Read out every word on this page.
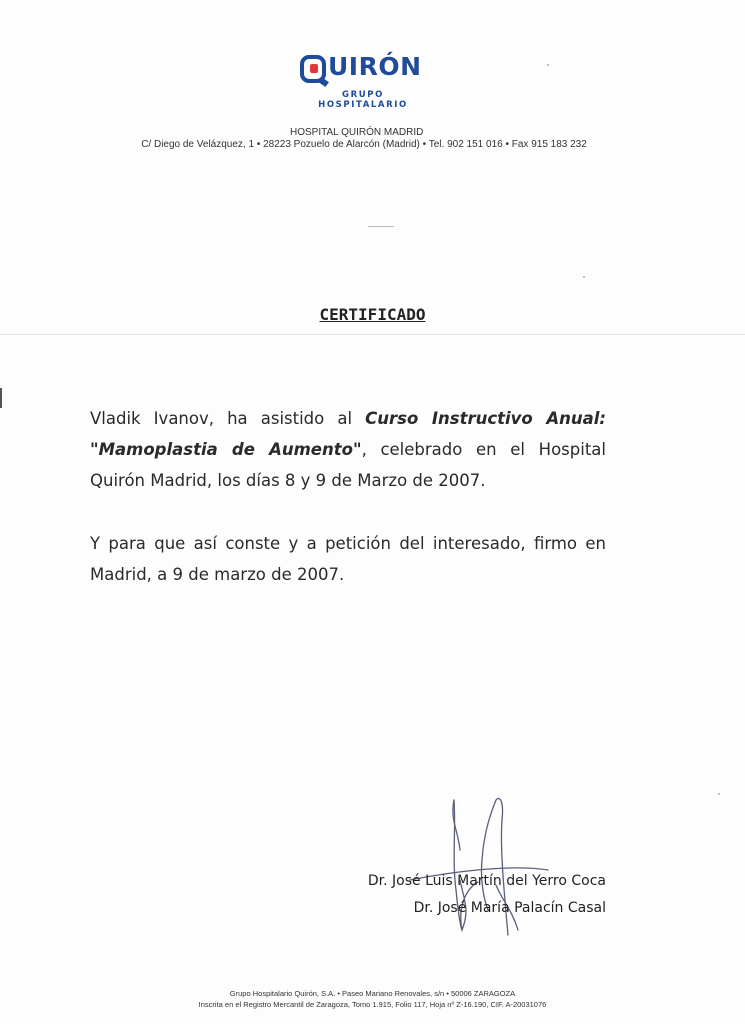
UIRÓN
GRUPO HOSPITALARIO
HOSPITAL QUIRÓN MADRID
C/ Diego de Velázquez, 1 • 28223 Pozuelo de Alarcón (Madrid) • Tel. 902 151 016 • Fax 915 183 232
CERTIFICADO
Vladik Ivanov, ha asistido al Curso Instructivo Anual: "Mamoplastia de Aumento", celebrado en el Hospital Quirón Madrid, los días 8 y 9 de Marzo de 2007.
Y para que así conste y a petición del interesado, firmo en Madrid, a 9 de marzo de 2007.
Dr. José Luis Martín del Yerro Coca
Dr. José María Palacín Casal
Grupo Hospitalario Quirón, S.A. • Paseo Mariano Renovales, s/n • 50006 ZARAGOZA
Inscrita en el Registro Mercantil de Zaragoza, Tomo 1.915, Folio 117, Hoja nº Z-16.190, CIF. A-20031076
